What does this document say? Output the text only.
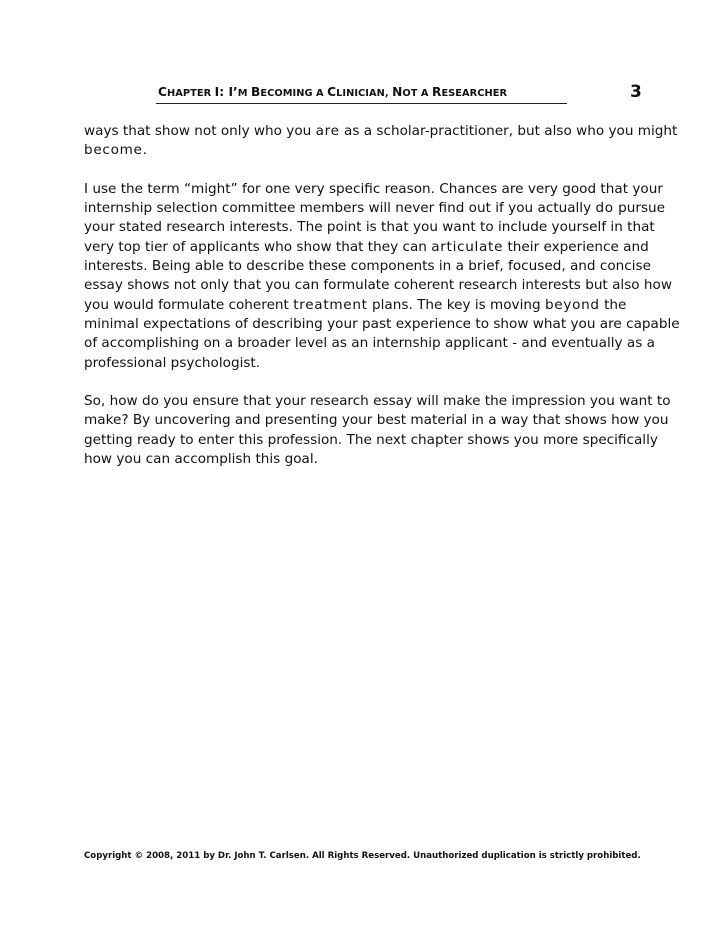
CHAPTER I: I’M BECOMING A CLINICIAN, NOT A RESEARCHER	3

ways that show not only who you are as a scholar-practitioner, but also who you might
become.

I use the term “might” for one very specific reason. Chances are very good that your
internship selection committee members will never find out if you actually do pursue
your stated research interests. The point is that you want to include yourself in that
very top tier of applicants who show that they can articulate their experience and
interests. Being able to describe these components in a brief, focused, and concise
essay shows not only that you can formulate coherent research interests but also how
you would formulate coherent treatment plans. The key is moving beyond the
minimal expectations of describing your past experience to show what you are capable
of accomplishing on a broader level as an internship applicant - and eventually as a
professional psychologist.

So, how do you ensure that your research essay will make the impression you want to
make? By uncovering and presenting your best material in a way that shows how you
getting ready to enter this profession. The next chapter shows you more specifically
how you can accomplish this goal.

Copyright © 2008, 2011 by Dr. John T. Carlsen. All Rights Reserved. Unauthorized duplication is strictly prohibited.
